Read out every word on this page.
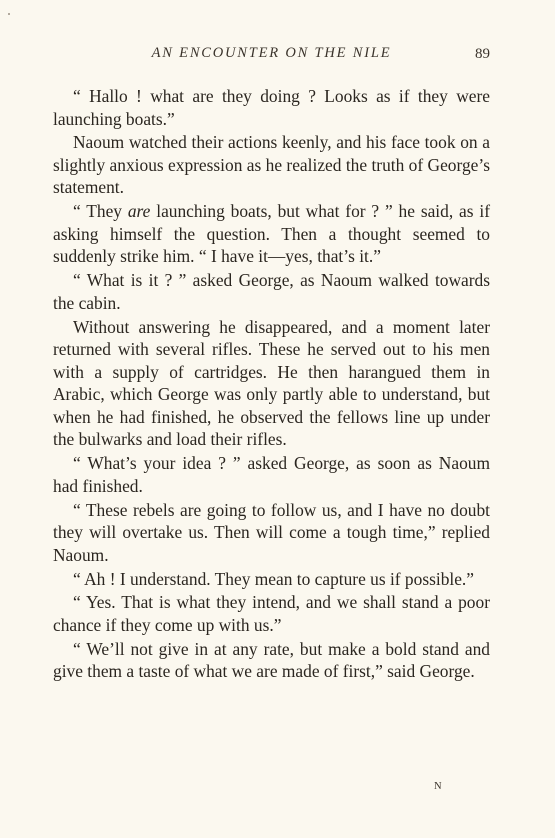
AN ENCOUNTER ON THE NILE	89

“ Hallo ! what are they doing ? Looks as if they were launching boats.”

Naoum watched their actions keenly, and his face took on a slightly anxious expression as he realized the truth of George’s statement.

“ They are launching boats, but what for ? ” he said, as if asking himself the question. Then a thought seemed to suddenly strike him. “ I have it—yes, that’s it.”

“ What is it ? ” asked George, as Naoum walked towards the cabin.

Without answering he disappeared, and a moment later returned with several rifles. These he served out to his men with a supply of cartridges. He then harangued them in Arabic, which George was only partly able to understand, but when he had finished, he observed the fellows line up under the bulwarks and load their rifles.

“ What’s your idea ? ” asked George, as soon as Naoum had finished.

“ These rebels are going to follow us, and I have no doubt they will overtake us. Then will come a tough time,” replied Naoum.

“ Ah ! I understand. They mean to capture us if possible.”

“ Yes. That is what they intend, and we shall stand a poor chance if they come up with us.”

“ We’ll not give in at any rate, but make a bold stand and give them a taste of what we are made of first,” said George.

N
